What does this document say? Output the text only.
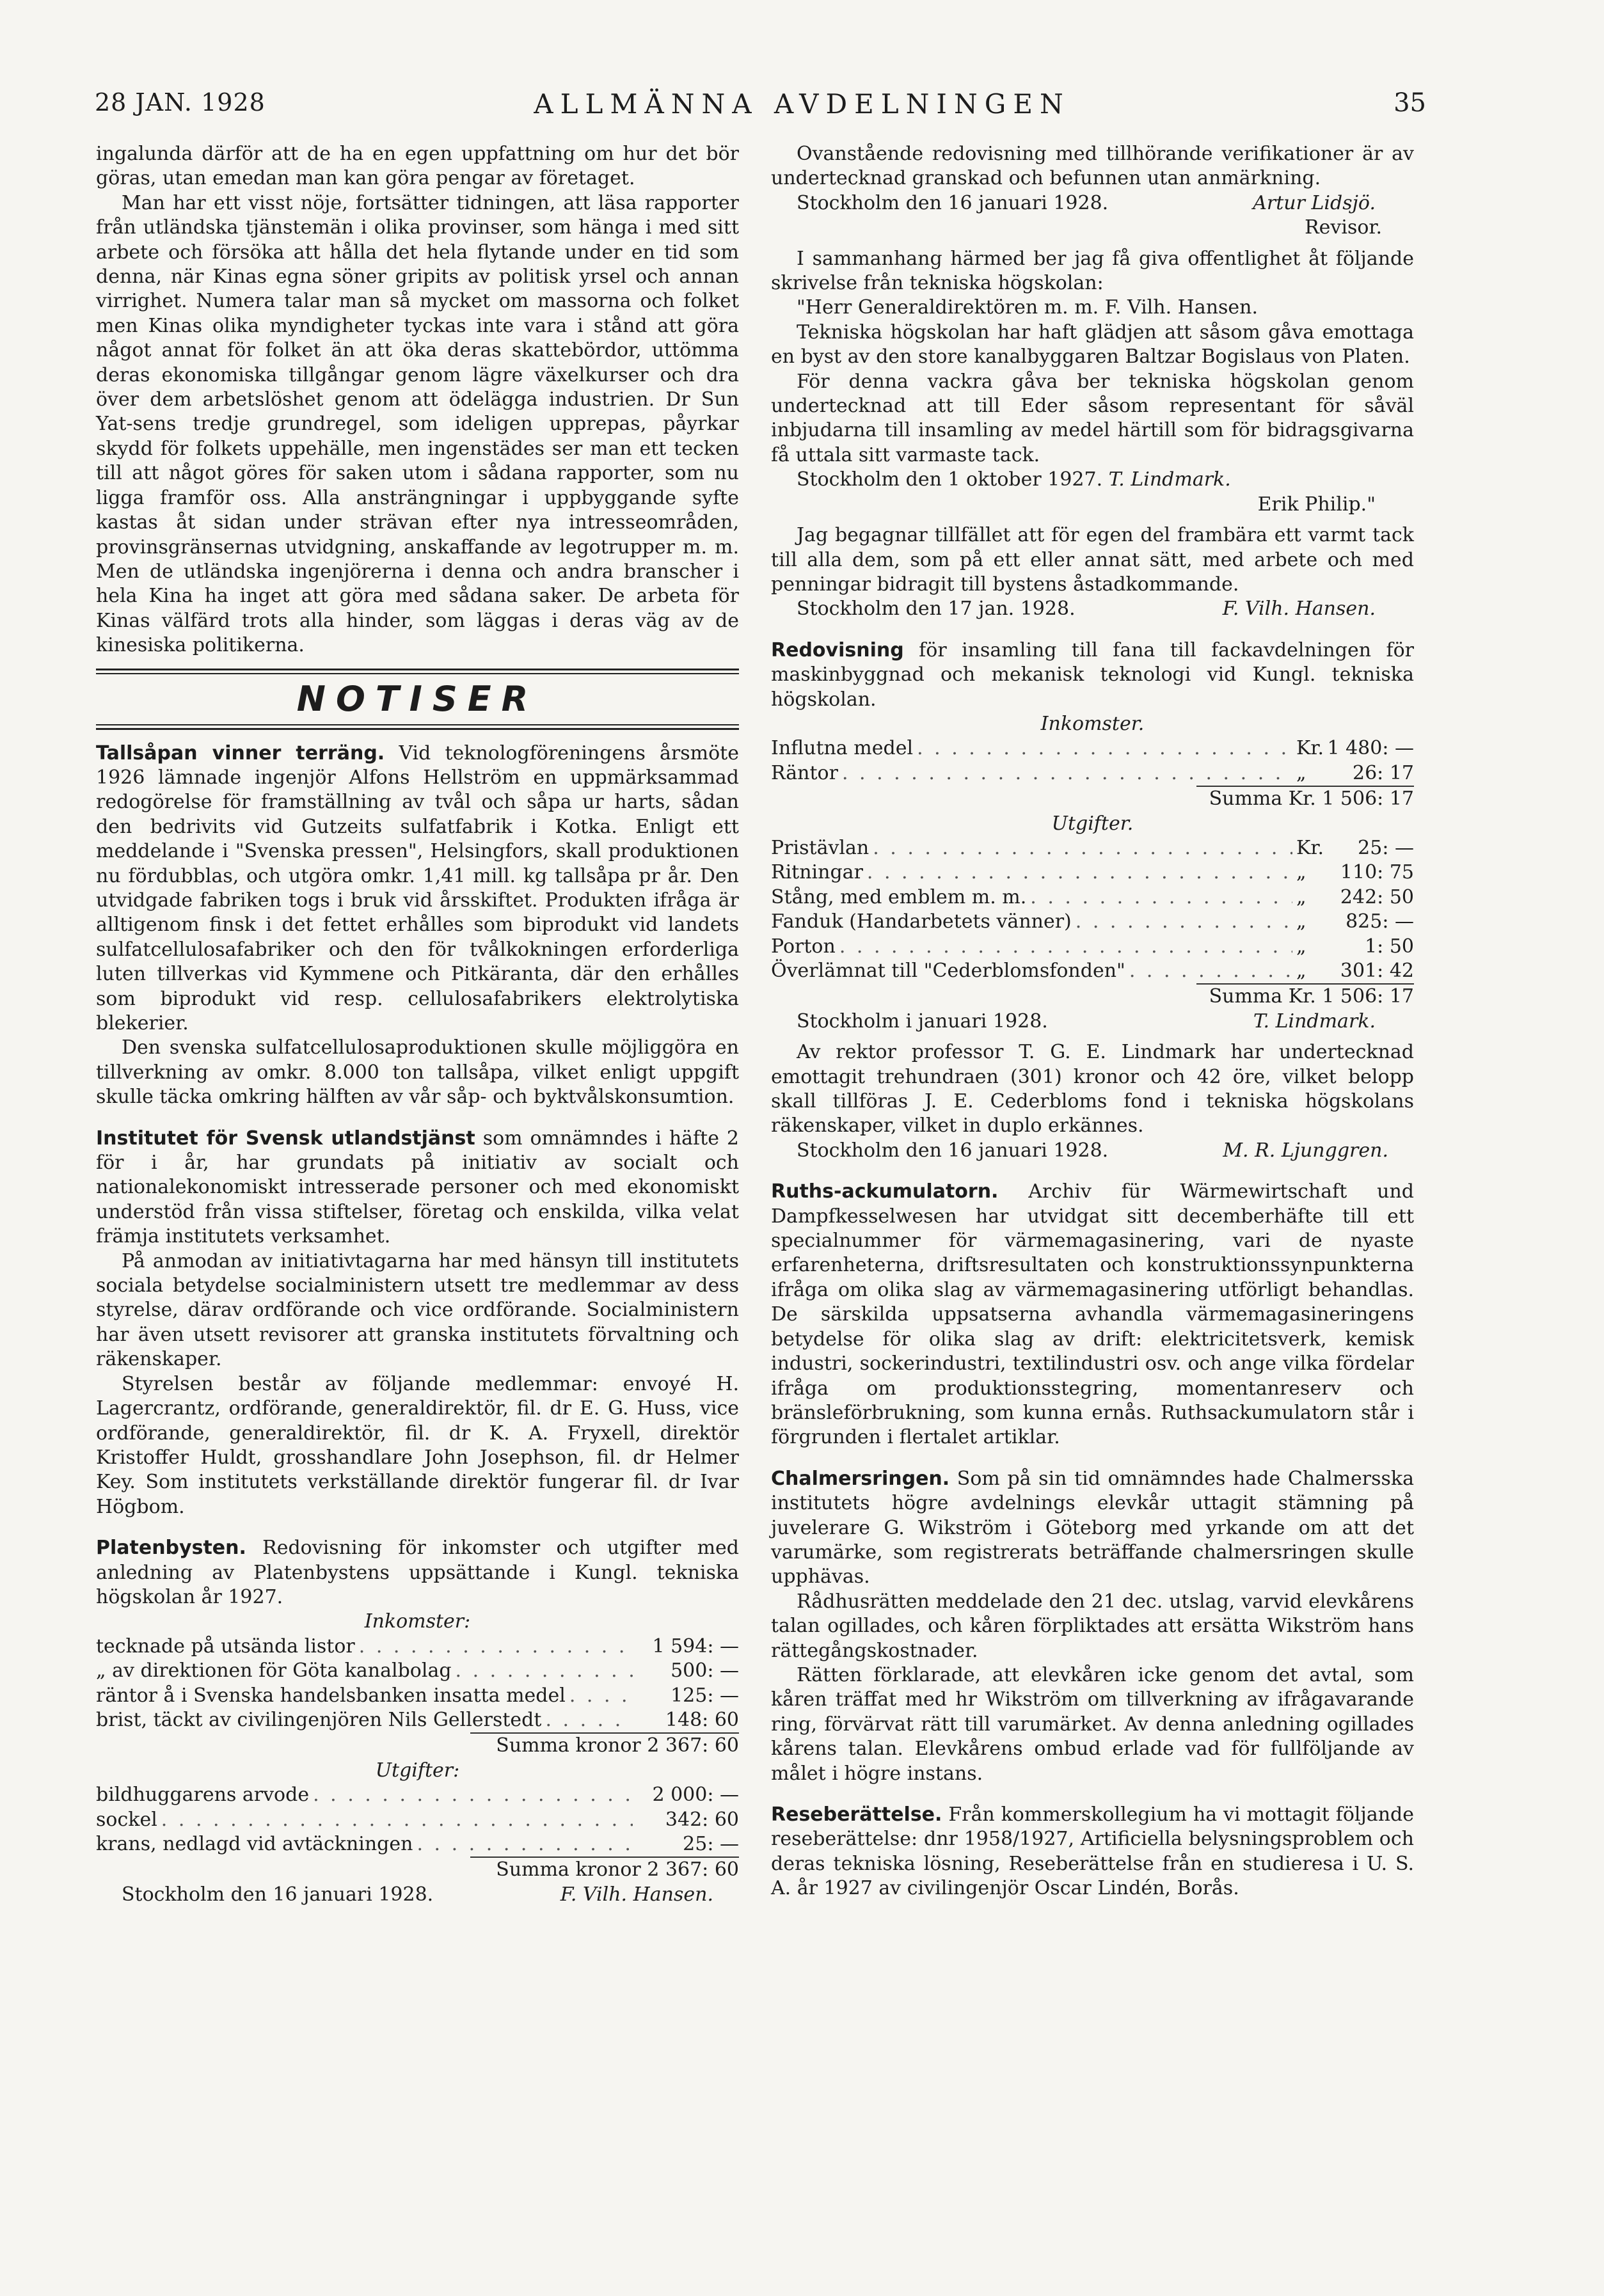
ALLMÄNNA AVDELNINGEN
28 JAN. 1928	35

ingalunda därför att de ha en egen uppfattning om hur det bör göras, utan emedan man kan göra pengar av företaget.

Man har ett visst nöje, fortsätter tidningen, att läsa rapporter från utländska tjänstemän i olika provinser, som hänga i med sitt arbete och försöka att hålla det hela flytande under en tid som denna, när Kinas egna söner gripits av politisk yrsel och annan virrighet. Numera talar man så mycket om massorna och folket men Kinas olika myndigheter tyckas inte vara i stånd att göra något annat för folket än att öka deras skattebördor, uttömma deras ekonomiska tillgångar genom lägre växelkurser och dra över dem arbetslöshet genom att ödelägga industrien. Dr Sun Yat-sens tredje grundregel, som ideligen upprepas, påyrkar skydd för folkets uppehälle, men ingenstädes ser man ett tecken till att något göres för saken utom i sådana rapporter, som nu ligga framför oss. Alla ansträngningar i uppbyggande syfte kastas åt sidan under strävan efter nya intresseområden, provinsgränsernas utvidgning, anskaffande av legotrupper m. m. Men de utländska ingenjörerna i denna och andra branscher i hela Kina ha inget att göra med sådana saker. De arbeta för Kinas välfärd trots alla hinder, som läggas i deras väg av de kinesiska politikerna.

NOTISER

Tallsåpan vinner terräng. Vid teknologföreningens årsmöte 1926 lämnade ingenjör Alfons Hellström en uppmärksammad redogörelse för framställning av tvål och såpa ur harts, sådan den bedrivits vid Gutzeits sulfatfabrik i Kotka. Enligt ett meddelande i "Svenska pressen", Helsingfors, skall produktionen nu fördubblas, och utgöra omkr. 1,41 mill. kg tallsåpa pr år. Den utvidgade fabriken togs i bruk vid årsskiftet. Produkten ifråga är alltigenom finsk i det fettet erhålles som biprodukt vid landets sulfatcellulosafabriker och den för tvålkokningen erforderliga luten tillverkas vid Kymmene och Pitkäranta, där den erhålles som biprodukt vid resp. cellulosafabrikers elektrolytiska blekerier.

Den svenska sulfatcellulosaproduktionen skulle möjliggöra en tillverkning av omkr. 8.000 ton tallsåpa, vilket enligt uppgift skulle täcka omkring hälften av vår såp- och byktvålskonsumtion.

Institutet för Svensk utlandstjänst som omnämndes i häfte 2 för i år, har grundats på initiativ av socialt och nationalekonomiskt intresserade personer och med ekonomiskt understöd från vissa stiftelser, företag och enskilda, vilka velat främja institutets verksamhet.

På anmodan av initiativtagarna har med hänsyn till institutets sociala betydelse socialministern utsett tre medlemmar av dess styrelse, därav ordförande och vice ordförande. Socialministern har även utsett revisorer att granska institutets förvaltning och räkenskaper.

Styrelsen består av följande medlemmar: envoyé H. Lagercrantz, ordförande, generaldirektör, fil. dr E. G. Huss, vice ordförande, generaldirektör, fil. dr K. A. Fryxell, direktör Kristoffer Huldt, grosshandlare John Josephson, fil. dr Helmer Key. Som institutets verkställande direktör fungerar fil. dr Ivar Högbom.

Platenbysten. Redovisning för inkomster och utgifter med anledning av Platenbystens uppsättande i Kungl. tekniska högskolan år 1927.

Inkomster:
tecknade på utsända listor . . .	1 594: —
„ av direktionen för Göta kanalbolag . . .	500: —
räntor å i Svenska handelsbanken insatta medel . . .	125: —
brist, täckt av civilingenjören Nils Gellerstedt . . .	148: 60
Summa kronor 2 367: 60
Utgifter:
bildhuggarens arvode . . .	2 000: —
sockel . . .	342: 60
krans, nedlagd vid avtäckningen . . .	25: —
Summa kronor 2 367: 60
Stockholm den 16 januari 1928.	F. Vilh. Hansen.

Ovanstående redovisning med tillhörande verifikationer är av undertecknad granskad och befunnen utan anmärkning.

Stockholm den 16 januari 1928.	Artur Lidsjö.
Revisor.

I sammanhang härmed ber jag få giva offentlighet åt följande skrivelse från tekniska högskolan:

"Herr Generaldirektören m. m. F. Vilh. Hansen.

Tekniska högskolan har haft glädjen att såsom gåva emottaga en byst av den store kanalbyggaren Baltzar Bogislaus von Platen.

För denna vackra gåva ber tekniska högskolan genom undertecknad att till Eder såsom representant för såväl inbjudarna till insamling av medel härtill som för bidragsgivarna få uttala sitt varmaste tack.

Stockholm den 1 oktober 1927. T. Lindmark.
Erik Philip."

Jag begagnar tillfället att för egen del frambära ett varmt tack till alla dem, som på ett eller annat sätt, med arbete och med penningar bidragit till bystens åstadkommande.

Stockholm den 17 jan. 1928.	F. Vilh. Hansen.

Redovisning för insamling till fana till fackavdelningen för maskinbyggnad och mekanisk teknologi vid Kungl. tekniska högskolan.

Inkomster.
Influtna medel . . .	Kr. 1 480: —
Räntor . . .	„	26: 17
Summa Kr. 1 506: 17
Utgifter.
Pristävlan . . .	Kr.	25: —
Ritningar . . .	„	110: 75
Stång, med emblem m. m. . . .	„	242: 50
Fanduk (Handarbetets vänner) . . .	„	825: —
Porton . . .	„	1: 50
Överlämnat till "Cederblomsfonden" . . .	„	301: 42
Summa Kr. 1 506: 17
Stockholm i januari 1928.	T. Lindmark.

Av rektor professor T. G. E. Lindmark har undertecknad emottagit trehundraen (301) kronor och 42 öre, vilket belopp skall tillföras J. E. Cederbloms fond i tekniska högskolans räkenskaper, vilket in duplo erkännes.

Stockholm den 16 januari 1928.	M. R. Ljunggren.

Ruths-ackumulatorn. Archiv für Wärmewirtschaft und Dampfkesselwesen har utvidgat sitt decemberhäfte till ett specialnummer för värmemagasinering, vari de nyaste erfarenheterna, driftsresultaten och konstruktionssynpunkterna ifråga om olika slag av värmemagasinering utförligt behandlas. De särskilda uppsatserna avhandla värmemagasineringens betydelse för olika slag av drift: elektricitetsverk, kemisk industri, sockerindustri, textilindustri osv. och ange vilka fördelar ifråga om produktionsstegring, momentanreserv och bränsleförbrukning, som kunna ernås. Ruthsackumulatorn står i förgrunden i flertalet artiklar.

Chalmersringen. Som på sin tid omnämndes hade Chalmersska institutets högre avdelnings elevkår uttagit stämning på juvelerare G. Wikström i Göteborg med yrkande om att det varumärke, som registrerats beträffande chalmersringen skulle upphävas.

Rådhusrätten meddelade den 21 dec. utslag, varvid elevkårens talan ogillades, och kåren förpliktades att ersätta Wikström hans rättegångskostnader.

Rätten förklarade, att elevkåren icke genom det avtal, som kåren träffat med hr Wikström om tillverkning av ifrågavarande ring, förvärvat rätt till varumärket. Av denna anledning ogillades kårens talan. Elevkårens ombud erlade vad för fullföljande av målet i högre instans.

Reseberättelse. Från kommerskollegium ha vi mottagit följande reseberättelse: dnr 1958/1927, Artificiella belysningsproblem och deras tekniska lösning, Reseberättelse från en studieresa i U. S. A. år 1927 av civilingenjör Oscar Lindén, Borås.
